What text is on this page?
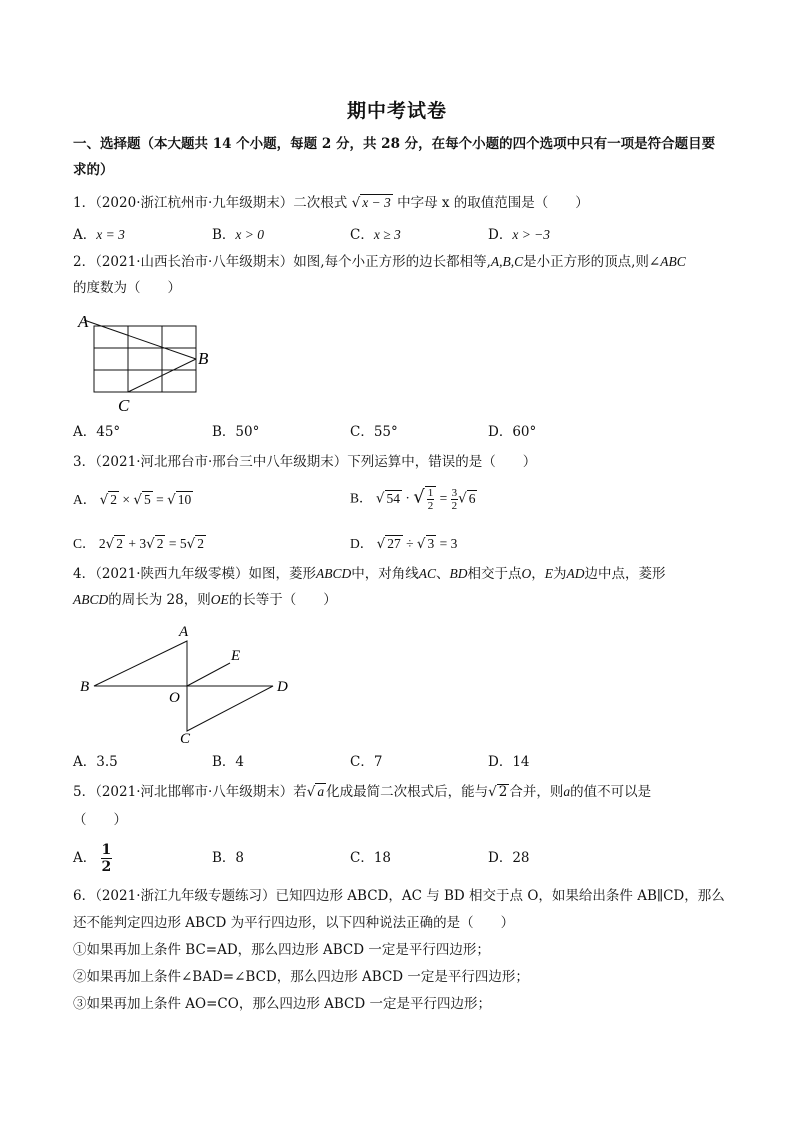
期中考试卷
一、选择题（本大题共 14 个小题，每题 2 分，共 28 分，在每个小题的四个选项中只有一项是符合题目要
求的）
1．（2020·浙江杭州市·九年级期末）二次根式 √ x − 3 中字母 x 的取值范围是（　　）
A．x = 3	B．x > 0	C．x ≥ 3	D．x > −3
2．（2021·山西长治市·八年级期末）如图,每个小正方形的边长都相等,A,B,C是小正方形的顶点,则∠ABC
的度数为（　　）
A
B
C
A．45°	B．50°	C．55°	D．60°
3．（2021·河北邢台市·邢台三中八年级期末）下列运算中，错误的是（　　）
A． √ 2 × √ 5 = √ 10	B． √ 54 · √ $\frac{1}{2} = \frac{3}{2}$ √ 6
C． 2√ 2 + 3√ 2 = 5√ 2	D． √ 27 ÷ √ 3 = 3
4．（2021·陕西九年级零模）如图，菱形ABCD中，对角线AC、BD相交于点O，E为AD边中点，菱形
ABCD的周长为 28，则OE的长等于（　　）
A
B
C
D
E
O
A．3.5	B．4	C．7	D．14
5．（2021·河北邯郸市·八年级期末）若√ a 化成最简二次根式后，能与√ 2 合并，则a的值不可以是
（　　）
A． $\frac{1}{2}$	B．8	C．18	D．28
6．（2021·浙江九年级专题练习）已知四边形 ABCD，AC 与 BD 相交于点 O，如果给出条件 AB∥CD，那么
还不能判定四边形 ABCD 为平行四边形，以下四种说法正确的是（　　）
①如果再加上条件 BC=AD，那么四边形 ABCD 一定是平行四边形；
②如果再加上条件∠BAD=∠BCD，那么四边形 ABCD 一定是平行四边形；
③如果再加上条件 AO=CO，那么四边形 ABCD 一定是平行四边形；
